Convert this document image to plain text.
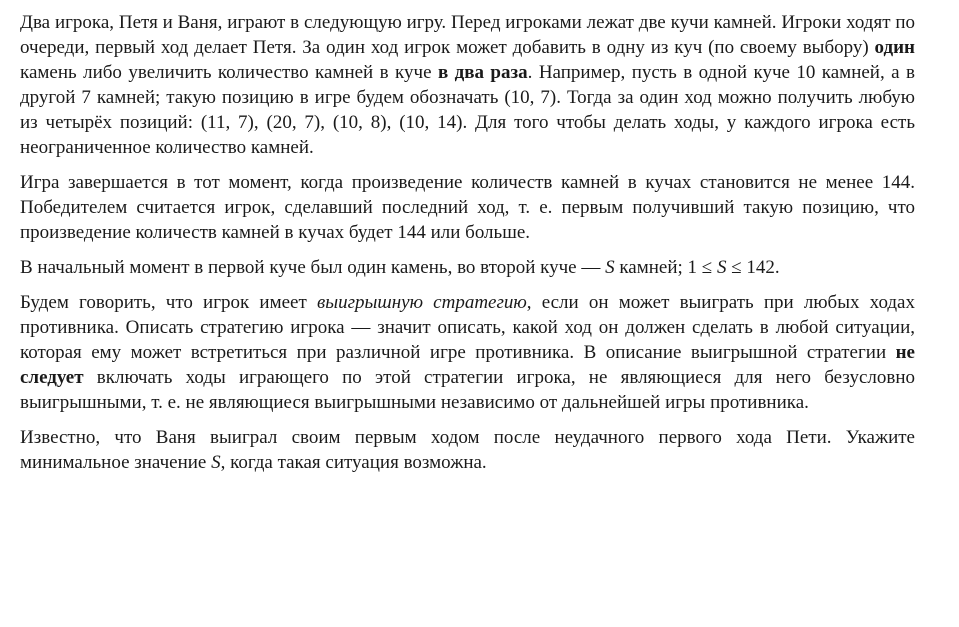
Два игрока, Петя и Ваня, играют в следующую игру. Перед игроками лежат две кучи камней. Игроки ходят по очереди, первый ход делает Петя. За один ход игрок может добавить в одну из куч (по своему выбору) один камень либо увеличить количество камней в куче в два раза. Например, пусть в одной куче 10 камней, а в другой 7 камней; такую позицию в игре будем обозначать (10, 7). Тогда за один ход можно получить любую из четырёх позиций: (11, 7), (20, 7), (10, 8), (10, 14). Для того чтобы делать ходы, у каждого игрока есть неограниченное количество камней.

Игра завершается в тот момент, когда произведение количеств камней в кучах становится не менее 144. Победителем считается игрок, сделавший последний ход, т. е. первым получивший такую позицию, что произведение количеств камней в кучах будет 144 или больше.

В начальный момент в первой куче был один камень, во второй куче — S камней; 1 ≤ S ≤ 142.

Будем говорить, что игрок имеет выигрышную стратегию, если он может выиграть при любых ходах противника. Описать стратегию игрока — значит описать, какой ход он должен сделать в любой ситуации, которая ему может встретиться при различной игре противника. В описание выигрышной стратегии не следует включать ходы играющего по этой стратегии игрока, не являющиеся для него безусловно выигрышными, т. е. не являющиеся выигрышными независимо от дальнейшей игры противника.

Известно, что Ваня выиграл своим первым ходом после неудачного первого хода Пети. Укажите минимальное значение S, когда такая ситуация возможна.
